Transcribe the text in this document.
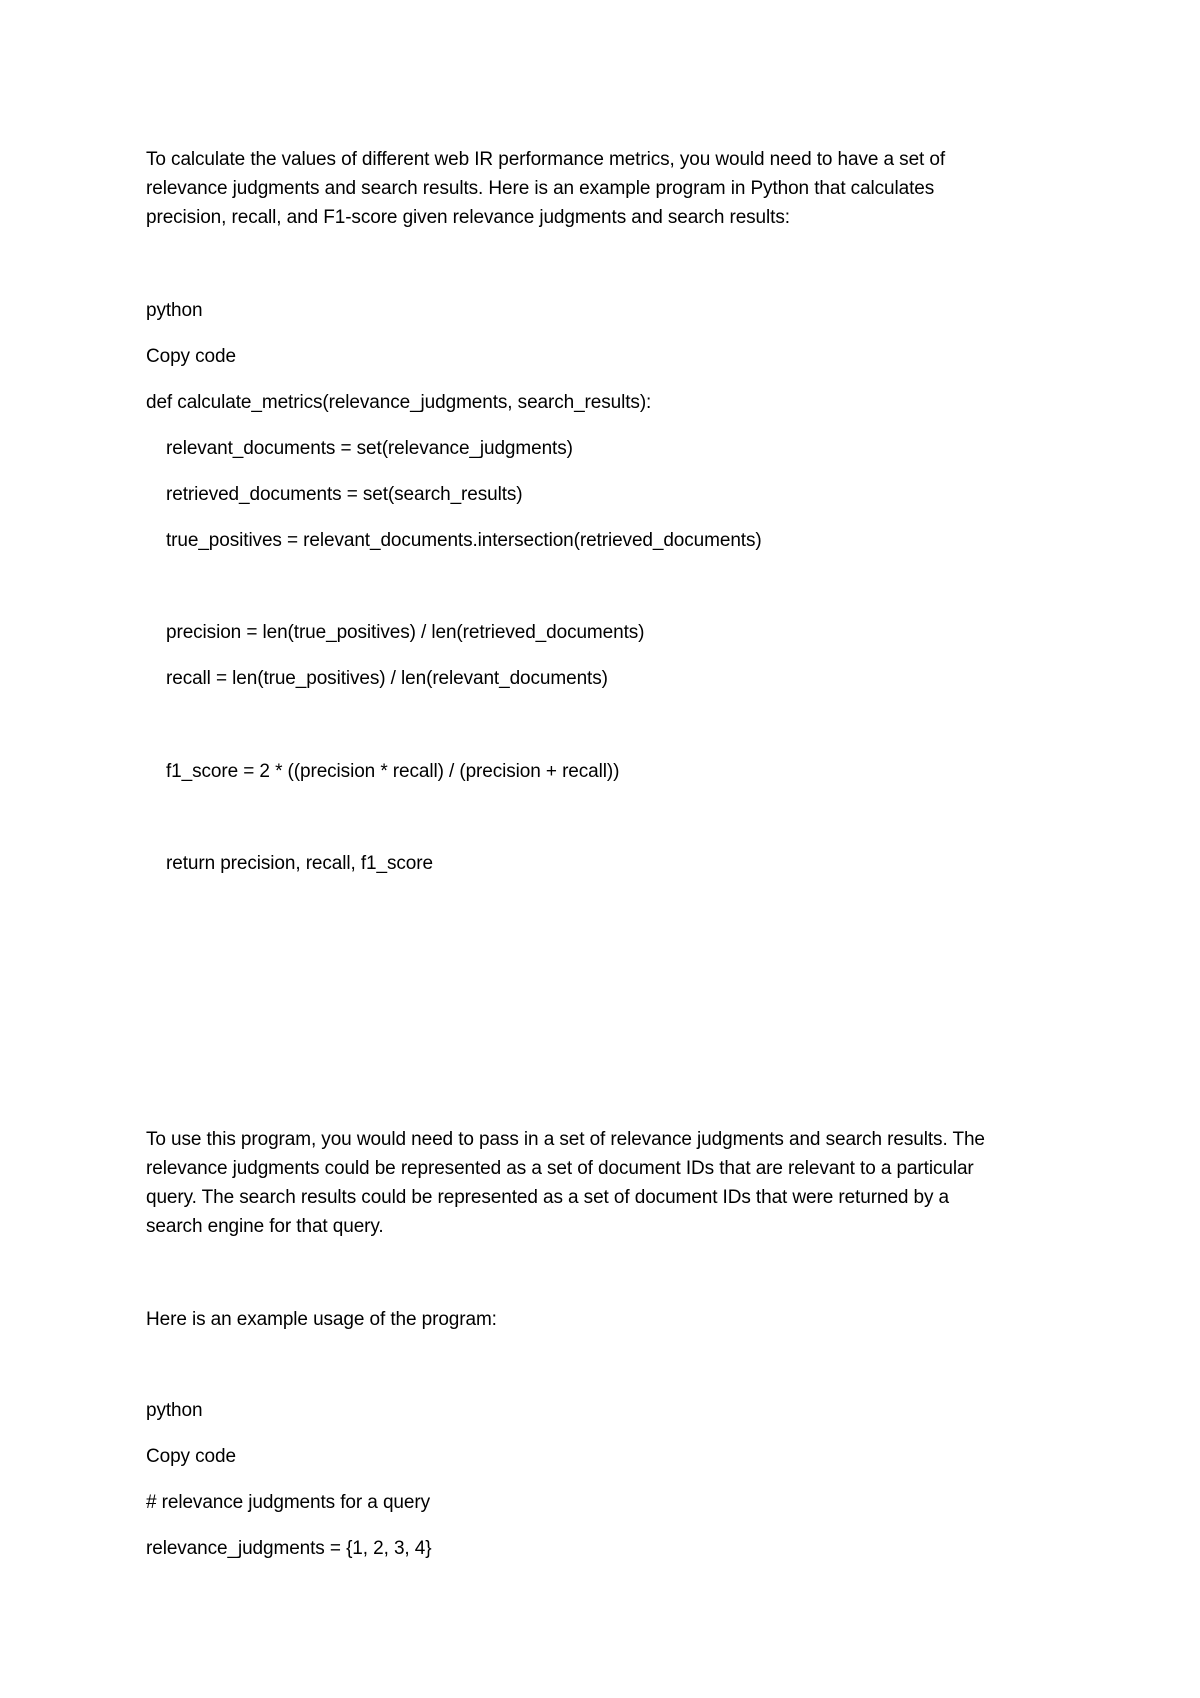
To calculate the values of different web IR performance metrics, you would need to have a set of
relevance judgments and search results. Here is an example program in Python that calculates
precision, recall, and F1-score given relevance judgments and search results:
python
Copy code
def calculate_metrics(relevance_judgments, search_results):
relevant_documents = set(relevance_judgments)
retrieved_documents = set(search_results)
true_positives = relevant_documents.intersection(retrieved_documents)
precision = len(true_positives) / len(retrieved_documents)
recall = len(true_positives) / len(relevant_documents)
f1_score = 2 * ((precision * recall) / (precision + recall))
return precision, recall, f1_score
To use this program, you would need to pass in a set of relevance judgments and search results. The
relevance judgments could be represented as a set of document IDs that are relevant to a particular
query. The search results could be represented as a set of document IDs that were returned by a
search engine for that query.
Here is an example usage of the program:
python
Copy code
# relevance judgments for a query
relevance_judgments = {1, 2, 3, 4}
